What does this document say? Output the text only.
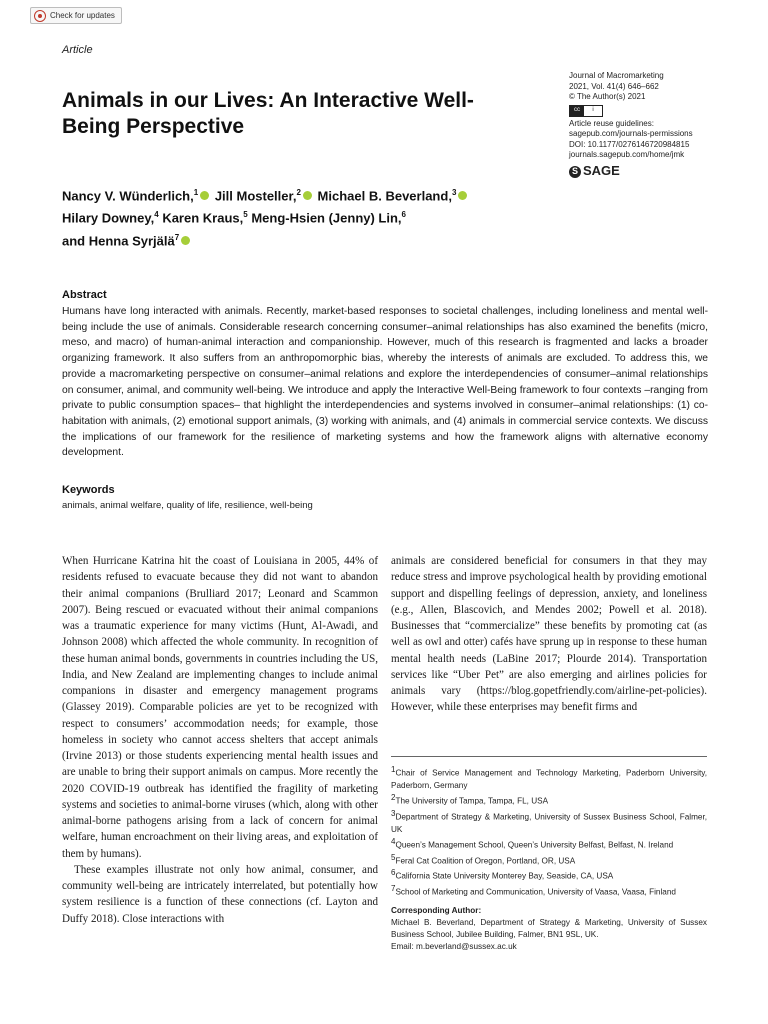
Check for updates
Article
Animals in our Lives: An Interactive Well-Being Perspective
Journal of Macromarketing
2021, Vol. 41(4) 646–662
© The Author(s) 2021
cc	i
Article reuse guidelines:
sagepub.com/journals-permissions
DOI: 10.1177/0276146720984815
journals.sagepub.com/home/jmk
S SAGE
Nancy V. Wünderlich,$^1$ Jill Mosteller,$^2$ Michael B. Beverland,$^3$
Hilary Downey,$^4$ Karen Kraus,$^5$ Meng-Hsien (Jenny) Lin,$^6$
and Henna Syrjälä$^7$
Abstract

Humans have long interacted with animals. Recently, market-based responses to societal challenges, including loneliness and mental well-being include the use of animals. Considerable research concerning consumer–animal relationships has also examined the benefits (micro, meso, and macro) of human-animal interaction and companionship. However, much of this research is fragmented and lacks a broader organizing framework. It also suffers from an anthropomorphic bias, whereby the interests of animals are excluded. To address this, we provide a macromarketing perspective on consumer–animal relations and explore the interdependencies of consumer–animal relationships on consumer, animal, and community well-being. We introduce and apply the Interactive Well-Being framework to four contexts –ranging from private to public consumption spaces– that highlight the interdependencies and systems involved in consumer–animal relationships: (1) co-habitation with animals, (2) emotional support animals, (3) working with animals, and (4) animals in commercial service contexts. We discuss the implications of our framework for the resilience of marketing systems and how the framework aligns with alternative economy development.

Keywords
animals, animal welfare, quality of life, resilience, well-being

When Hurricane Katrina hit the coast of Louisiana in 2005, 44% of residents refused to evacuate because they did not want to abandon their animal companions (Brulliard 2017; Leonard and Scammon 2007). Being rescued or evacuated without their animal companions was a traumatic experience for many victims (Hunt, Al-Awadi, and Johnson 2008) which affected the whole community. In recognition of these human animal bonds, governments in countries including the US, India, and New Zealand are implementing changes to include animal companions in disaster and emergency management programs (Glassey 2019). Comparable policies are yet to be recognized with respect to consumers’ accommodation needs; for example, those homeless in society who cannot access shelters that accept animals (Irvine 2013) or those students experiencing mental health issues and are unable to bring their support animals on campus. More recently the 2020 COVID-19 outbreak has identified the fragility of marketing systems and societies to animal-borne viruses (which, along with other animal-borne pathogens arising from a lack of concern for animal welfare, human encroachment on their living areas, and exploitation of them by humans).

These examples illustrate not only how animal, consumer, and community well-being are intricately interrelated, but potentially how system resilience is a function of these connections (cf. Layton and Duffy 2018). Close interactions with

animals are considered beneficial for consumers in that they may reduce stress and improve psychological health by providing emotional support and dispelling feelings of depression, anxiety, and loneliness (e.g., Allen, Blascovich, and Mendes 2002; Powell et al. 2018). Businesses that “commercialize” these benefits by promoting cat (as well as owl and otter) cafés have sprung up in response to these human mental health needs (LaBine 2017; Plourde 2014). Transportation services like “Uber Pet” are also emerging and airlines policies for animals vary (https://blog.gopetfriendly.com/airline-pet-policies). However, while these enterprises may benefit firms and

$^1$Chair of Service Management and Technology Marketing, Paderborn University, Paderborn, Germany
$^2$The University of Tampa, Tampa, FL, USA
$^3$Department of Strategy & Marketing, University of Sussex Business School, Falmer, UK
$^4$Queen’s Management School, Queen’s University Belfast, Belfast, N. Ireland
$^5$Feral Cat Coalition of Oregon, Portland, OR, USA
$^6$California State University Monterey Bay, Seaside, CA, USA
$^7$School of Marketing and Communication, University of Vaasa, Vaasa, Finland
Corresponding Author:
Michael B. Beverland, Department of Strategy & Marketing, University of Sussex Business School, Jubilee Building, Falmer, BN1 9SL, UK.
Email: m.beverland@sussex.ac.uk
